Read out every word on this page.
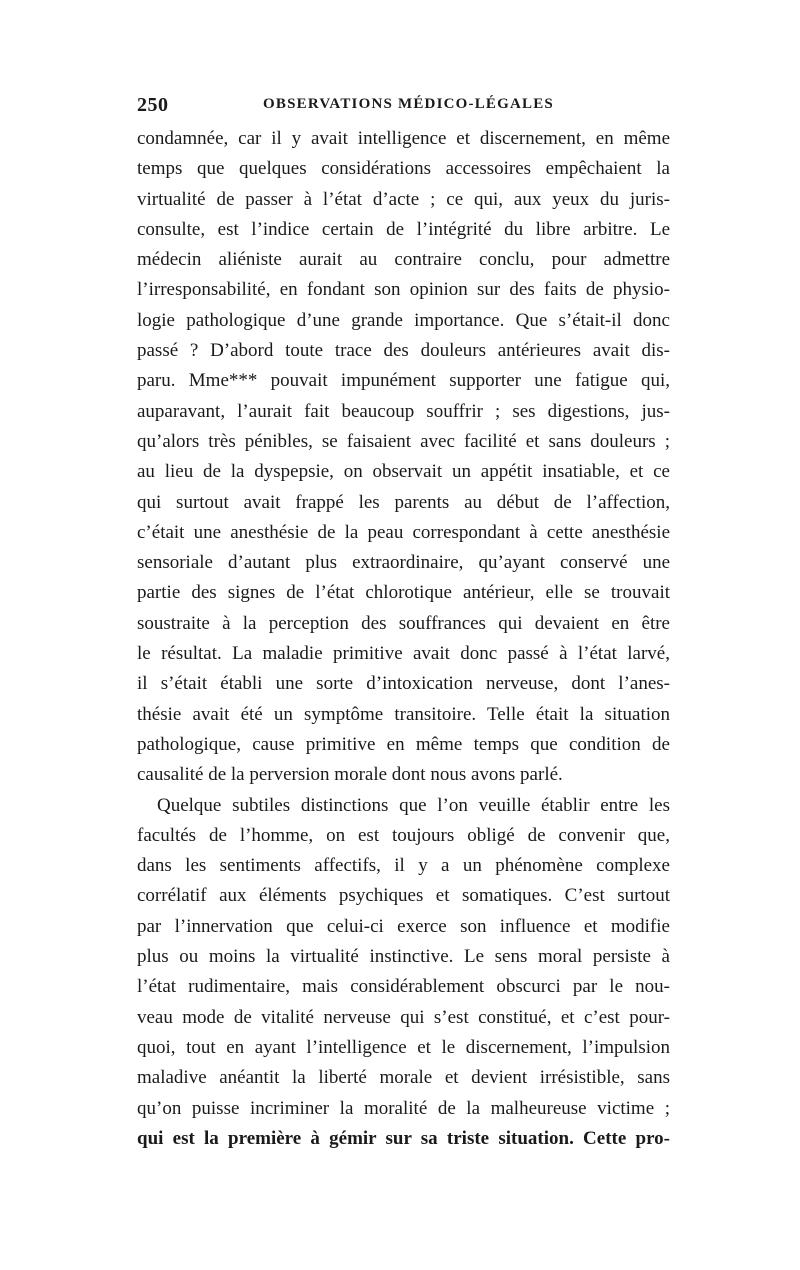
250	OBSERVATIONS MÉDICO-LÉGALES
condamnée, car il y avait intelligence et discernement, en même
temps que quelques considérations accessoires empêchaient la
virtualité de passer à l’état d’acte ; ce qui, aux yeux du juris-
consulte, est l’indice certain de l’intégrité du libre arbitre. Le
médecin aliéniste aurait au contraire conclu, pour admettre
l’irresponsabilité, en fondant son opinion sur des faits de physio-
logie pathologique d’une grande importance. Que s’était-il donc
passé ? D’abord toute trace des douleurs antérieures avait dis-
paru. Mme*** pouvait impunément supporter une fatigue qui,
auparavant, l’aurait fait beaucoup souffrir ; ses digestions, jus-
qu’alors très pénibles, se faisaient avec facilité et sans douleurs ;
au lieu de la dyspepsie, on observait un appétit insatiable, et ce
qui surtout avait frappé les parents au début de l’affection,
c’était une anesthésie de la peau correspondant à cette anesthésie
sensoriale d’autant plus extraordinaire, qu’ayant conservé une
partie des signes de l’état chlorotique antérieur, elle se trouvait
soustraite à la perception des souffrances qui devaient en être
le résultat. La maladie primitive avait donc passé à l’état larvé,
il s’était établi une sorte d’intoxication nerveuse, dont l’anes-
thésie avait été un symptôme transitoire. Telle était la situation
pathologique, cause primitive en même temps que condition de
causalité de la perversion morale dont nous avons parlé.
Quelque subtiles distinctions que l’on veuille établir entre les
facultés de l’homme, on est toujours obligé de convenir que,
dans les sentiments affectifs, il y a un phénomène complexe
corrélatif aux éléments psychiques et somatiques. C’est surtout
par l’innervation que celui-ci exerce son influence et modifie
plus ou moins la virtualité instinctive. Le sens moral persiste à
l’état rudimentaire, mais considérablement obscurci par le nou-
veau mode de vitalité nerveuse qui s’est constitué, et c’est pour-
quoi, tout en ayant l’intelligence et le discernement, l’impulsion
maladive anéantit la liberté morale et devient irrésistible, sans
qu’on puisse incriminer la moralité de la malheureuse victime ;
qui est la première à gémir sur sa triste situation. Cette pro-
